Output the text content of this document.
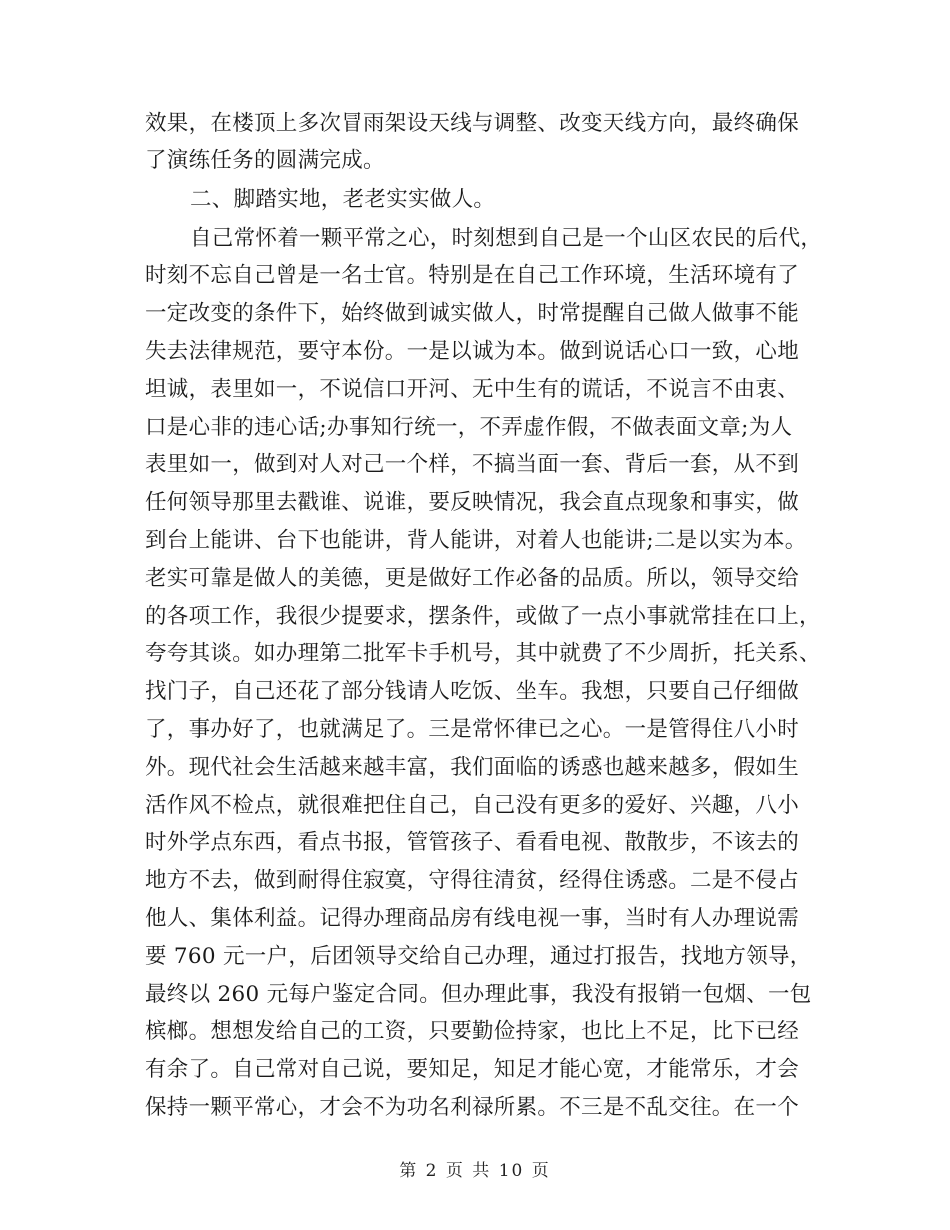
效果，在楼顶上多次冒雨架设天线与调整、改变天线方向，最终确保
了演练任务的圆满完成。
二、脚踏实地，老老实实做人。
自己常怀着一颗平常之心，时刻想到自己是一个山区农民的后代，
时刻不忘自己曾是一名士官。特别是在自己工作环境，生活环境有了
一定改变的条件下，始终做到诚实做人，时常提醒自己做人做事不能
失去法律规范，要守本份。一是以诚为本。做到说话心口一致，心地
坦诚，表里如一，不说信口开河、无中生有的谎话，不说言不由衷、
口是心非的违心话;办事知行统一，不弄虚作假，不做表面文章;为人
表里如一，做到对人对己一个样，不搞当面一套、背后一套，从不到
任何领导那里去戳谁、说谁，要反映情况，我会直点现象和事实，做
到台上能讲、台下也能讲，背人能讲，对着人也能讲;二是以实为本。
老实可靠是做人的美德，更是做好工作必备的品质。所以，领导交给
的各项工作，我很少提要求，摆条件，或做了一点小事就常挂在口上，
夸夸其谈。如办理第二批军卡手机号，其中就费了不少周折，托关系、
找门子，自己还花了部分钱请人吃饭、坐车。我想，只要自己仔细做
了，事办好了，也就满足了。三是常怀律已之心。一是管得住八小时
外。现代社会生活越来越丰富，我们面临的诱惑也越来越多，假如生
活作风不检点，就很难把住自己，自己没有更多的爱好、兴趣，八小
时外学点东西，看点书报，管管孩子、看看电视、散散步，不该去的
地方不去，做到耐得住寂寞，守得往清贫，经得住诱惑。二是不侵占
他人、集体利益。记得办理商品房有线电视一事，当时有人办理说需
要 760 元一户，后团领导交给自己办理，通过打报告，找地方领导，
最终以 260 元每户鉴定合同。但办理此事，我没有报销一包烟、一包
槟榔。想想发给自己的工资，只要勤俭持家，也比上不足，比下已经
有余了。自己常对自己说，要知足，知足才能心宽，才能常乐，才会
保持一颗平常心，才会不为功名利禄所累。不三是不乱交往。在一个
第 2 页 共 10 页
